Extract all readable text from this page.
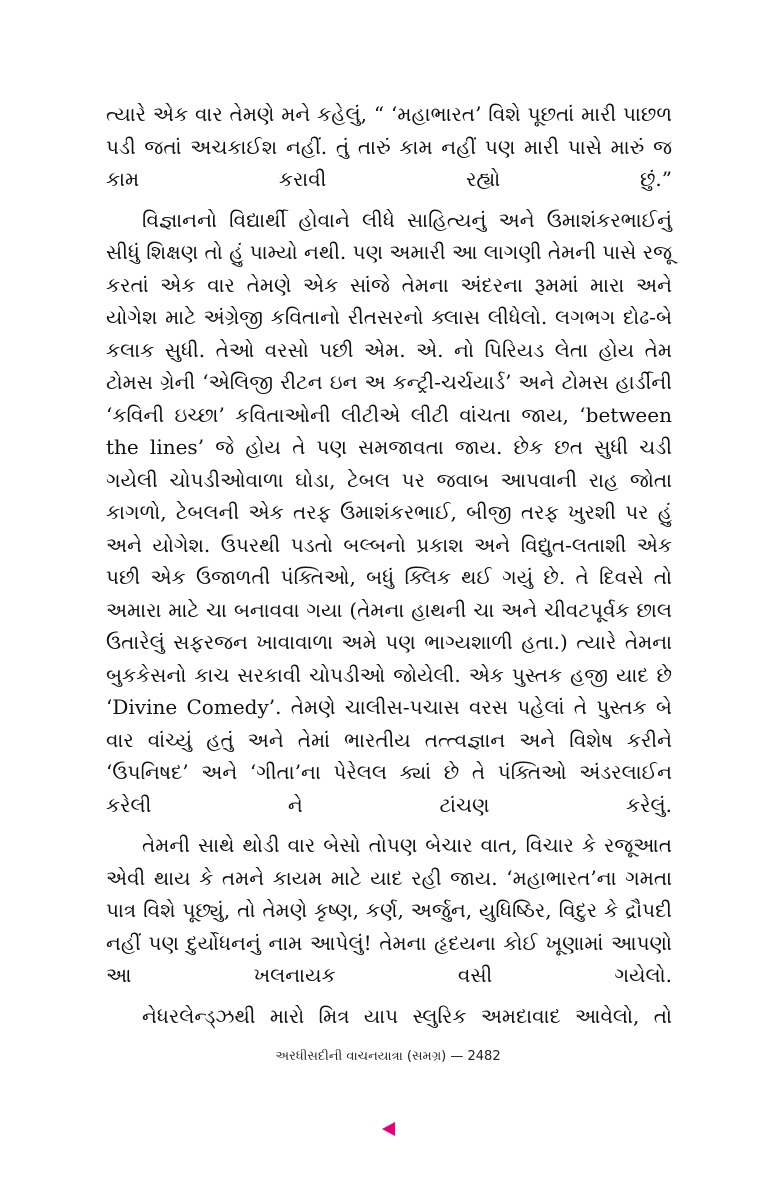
ત્યારે એક વાર તેમણે મને કહેલું, “ ‘મહાભારત’ વિશે પૂછતાં મારી પાછળ પડી જતાં અચકાઈશ નહીં. તું તારું કામ નહીં પણ મારી પાસે મારું જ કામ કરાવી રહ્યો છું.”

વિજ્ઞાનનો વિદ્યાર્થી હોવાને લીધે સાહિત્યનું અને ઉમાશંકરભાઈનું સીધું શિક્ષણ તો હું પામ્યો નથી. પણ અમારી આ લાગણી તેમની પાસે રજૂ કરતાં એક વાર તેમણે એક સાંજે તેમના અંદરના રૂમમાં મારા અને યોગેશ માટે અંગ્રેજી કવિતાનો રીતસરનો ક્લાસ લીધેલો. લગભગ દોઢ-બે કલાક સુધી. તેઓ વરસો પછી એમ. એ. નો પિરિયડ લેતા હોય તેમ ટોમસ ગ્રેની ‘એલિજી રીટન ઇન અ કન્ટ્રી-ચર્ચયાર્ડ’ અને ટોમસ હાર્ડીની ‘કવિની ઇચ્છા’ કવિતાઓની લીટીએ લીટી વાંચતા જાય, ‘between the lines’ જે હોય તે પણ સમજાવતા જાય. છેક છત સુધી ચડી ગયેલી ચોપડીઓવાળા ઘોડા, ટેબલ પર જવાબ આપવાની રાહ જોતા કાગળો, ટેબલની એક તરફ ઉમાશંકરભાઈ, બીજી તરફ ખુરશી પર હું અને યોગેશ. ઉપરથી પડતો બલ્બનો પ્રકાશ અને વિદ્યુત-લતાશી એક પછી એક ઉજાળતી પંક્તિઓ, બધું ક્લિક થઈ ગયું છે. તે દિવસે તો અમારા માટે ચા બનાવવા ગયા (તેમના હાથની ચા અને ચીવટપૂર્વક છાલ ઉતારેલું સફરજન ખાવાવાળા અમે પણ ભાગ્યશાળી હતા.) ત્યારે તેમના બુકકેસનો કાચ સરકાવી ચોપડીઓ જોયેલી. એક પુસ્તક હજી યાદ છે ‘Divine Comedy’. તેમણે ચાલીસ-પચાસ વરસ પહેલાં તે પુસ્તક બે વાર વાંચ્યું હતું અને તેમાં ભારતીય તત્ત્વજ્ઞાન અને વિશેષ કરીને ‘ઉપનિષદ’ અને ‘ગીતા’ના પેરેલલ ક્યાં છે તે પંક્તિઓ અંડરલાઈન કરેલી ને ટાંચણ કરેલું.

તેમની સાથે થોડી વાર બેસો તોપણ બેચાર વાત, વિચાર કે રજૂઆત એવી થાય કે તમને કાયમ માટે યાદ રહી જાય. ‘મહાભારત’ના ગમતા પાત્ર વિશે પૂછ્યું, તો તેમણે કૃષ્ણ, કર્ણ, અર્જુન, યુધિષ્ઠિર, વિદુર કે દ્રૌપદી નહીં પણ દુર્યોધનનું નામ આપેલું! તેમના હૃદયના કોઈ ખૂણામાં આપણો આ ખલનાયક વસી ગયેલો.

નેધરલેન્ડ્ઝથી મારો મિત્ર યાપ સ્લુરિક અમદાવાદ આવેલો, તો

અરધીસદીની વાચનયાત્રા (સમગ્ર) — 2482
